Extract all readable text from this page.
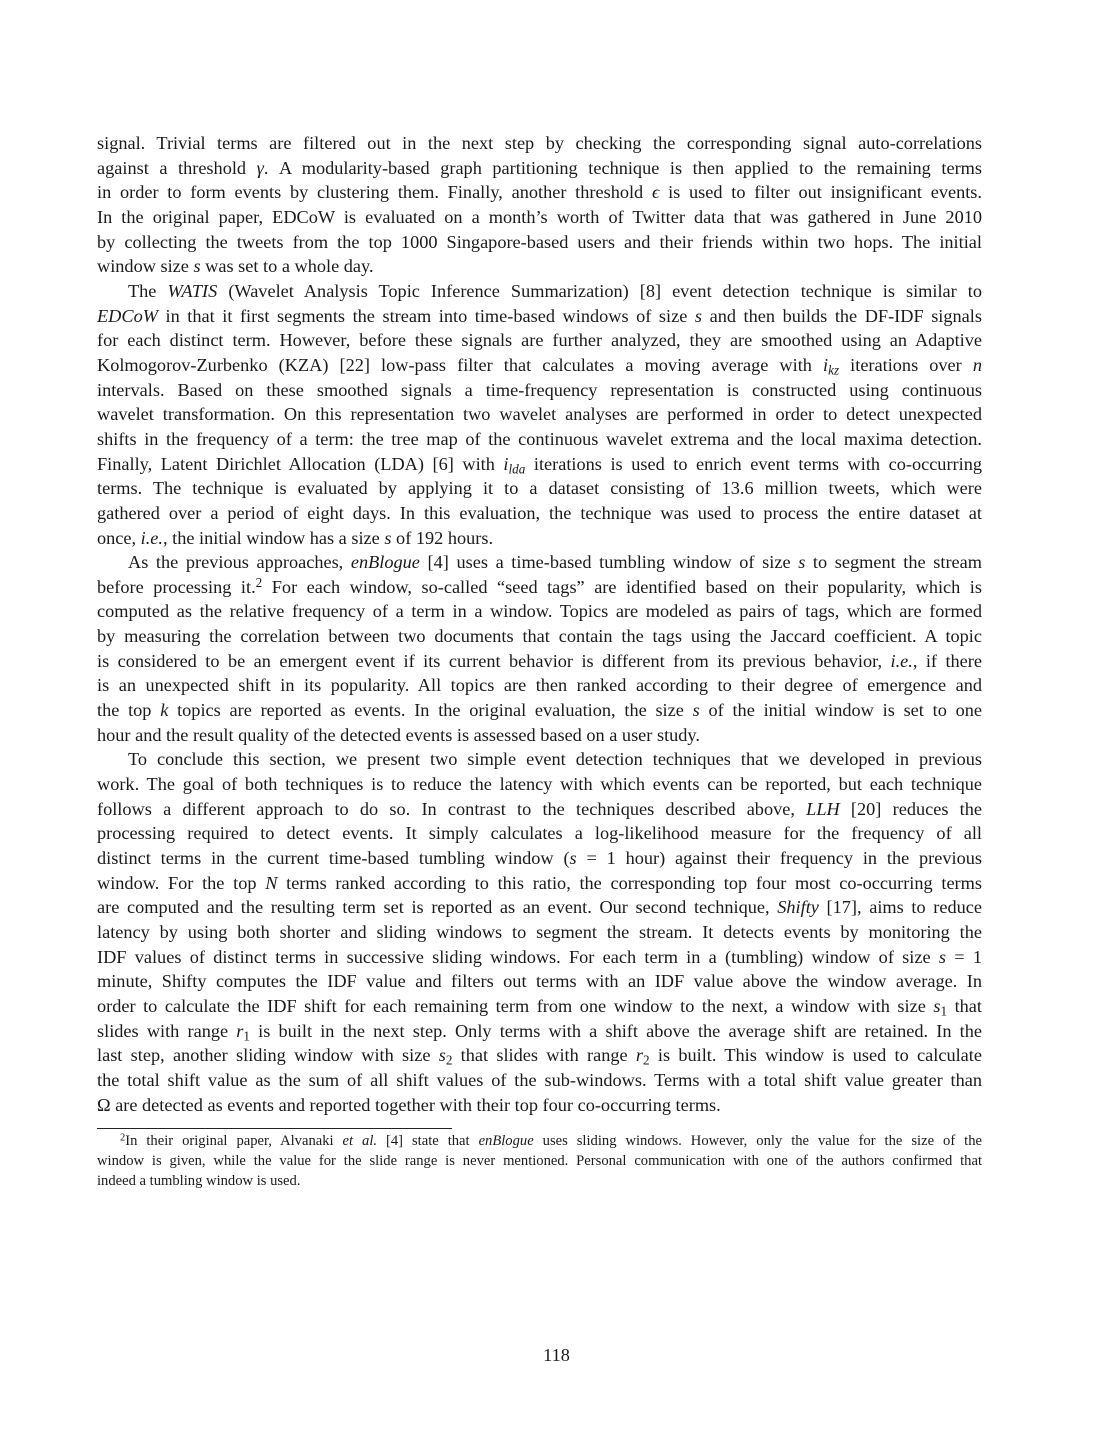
signal. Trivial terms are filtered out in the next step by checking the corresponding signal auto-correlations
against a threshold γ. A modularity-based graph partitioning technique is then applied to the remaining terms
in order to form events by clustering them. Finally, another threshold ϵ is used to filter out insignificant events.
In the original paper, EDCoW is evaluated on a month’s worth of Twitter data that was gathered in June 2010
by collecting the tweets from the top 1000 Singapore-based users and their friends within two hops. The initial
window size s was set to a whole day.
The WATIS (Wavelet Analysis Topic Inference Summarization) [8] event detection technique is similar to
EDCoW in that it first segments the stream into time-based windows of size s and then builds the DF-IDF signals
for each distinct term. However, before these signals are further analyzed, they are smoothed using an Adaptive
Kolmogorov-Zurbenko (KZA) [22] low-pass filter that calculates a moving average with ikz iterations over n
intervals. Based on these smoothed signals a time-frequency representation is constructed using continuous
wavelet transformation. On this representation two wavelet analyses are performed in order to detect unexpected
shifts in the frequency of a term: the tree map of the continuous wavelet extrema and the local maxima detection.
Finally, Latent Dirichlet Allocation (LDA) [6] with ilda iterations is used to enrich event terms with co-occurring
terms. The technique is evaluated by applying it to a dataset consisting of 13.6 million tweets, which were
gathered over a period of eight days. In this evaluation, the technique was used to process the entire dataset at
once, i.e., the initial window has a size s of 192 hours.
As the previous approaches, enBlogue [4] uses a time-based tumbling window of size s to segment the stream
before processing it.$^2$ For each window, so-called “seed tags” are identified based on their popularity, which is
computed as the relative frequency of a term in a window. Topics are modeled as pairs of tags, which are formed
by measuring the correlation between two documents that contain the tags using the Jaccard coefficient. A topic
is considered to be an emergent event if its current behavior is different from its previous behavior, i.e., if there
is an unexpected shift in its popularity. All topics are then ranked according to their degree of emergence and
the top k topics are reported as events. In the original evaluation, the size s of the initial window is set to one
hour and the result quality of the detected events is assessed based on a user study.
To conclude this section, we present two simple event detection techniques that we developed in previous
work. The goal of both techniques is to reduce the latency with which events can be reported, but each technique
follows a different approach to do so. In contrast to the techniques described above, LLH [20] reduces the
processing required to detect events. It simply calculates a log-likelihood measure for the frequency of all
distinct terms in the current time-based tumbling window (s = 1 hour) against their frequency in the previous
window. For the top N terms ranked according to this ratio, the corresponding top four most co-occurring terms
are computed and the resulting term set is reported as an event. Our second technique, Shifty [17], aims to reduce
latency by using both shorter and sliding windows to segment the stream. It detects events by monitoring the
IDF values of distinct terms in successive sliding windows. For each term in a (tumbling) window of size s = 1
minute, Shifty computes the IDF value and filters out terms with an IDF value above the window average. In
order to calculate the IDF shift for each remaining term from one window to the next, a window with size $s_1$ that
slides with range $r_1$ is built in the next step. Only terms with a shift above the average shift are retained. In the
last step, another sliding window with size $s_2$ that slides with range $r_2$ is built. This window is used to calculate
the total shift value as the sum of all shift values of the sub-windows. Terms with a total shift value greater than
Ω are detected as events and reported together with their top four co-occurring terms.
$^2$In their original paper, Alvanaki et al. [4] state that enBlogue uses sliding windows. However, only the value for the size of the
window is given, while the value for the slide range is never mentioned. Personal communication with one of the authors confirmed that
indeed a tumbling window is used.
118
